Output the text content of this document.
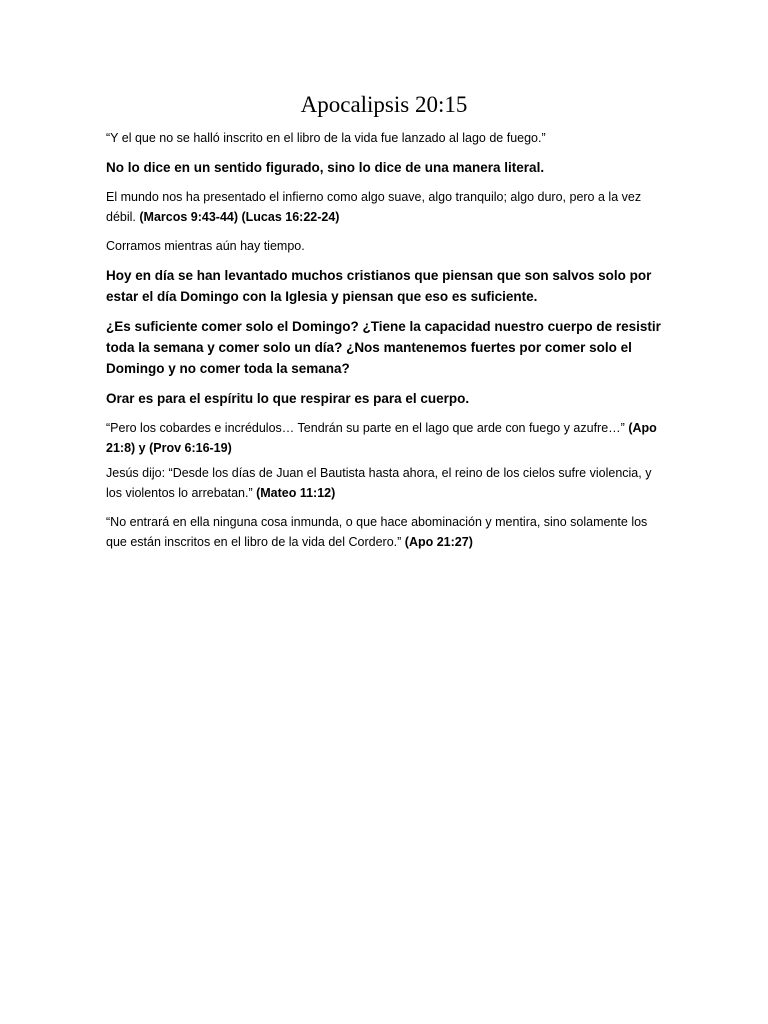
Apocalipsis 20:15

“Y el que no se halló inscrito en el libro de la vida fue lanzado al lago de fuego.”

No lo dice en un sentido figurado, sino lo dice de una manera literal.

El mundo nos ha presentado el infierno como algo suave, algo tranquilo; algo duro, pero a la vez débil. (Marcos 9:43-44) (Lucas 16:22-24)

Corramos mientras aún hay tiempo.

Hoy en día se han levantado muchos cristianos que piensan que son salvos solo por estar el día Domingo con la Iglesia y piensan que eso es suficiente.

¿Es suficiente comer solo el Domingo? ¿Tiene la capacidad nuestro cuerpo de resistir toda la semana y comer solo un día? ¿Nos mantenemos fuertes por comer solo el Domingo y no comer toda la semana?

Orar es para el espíritu lo que respirar es para el cuerpo.

“Pero los cobardes e incrédulos… Tendrán su parte en el lago que arde con fuego y azufre…” (Apo 21:8) y (Prov 6:16-19)

Jesús dijo: “Desde los días de Juan el Bautista hasta ahora, el reino de los cielos sufre violencia, y los violentos lo arrebatan.” (Mateo 11:12)

“No entrará en ella ninguna cosa inmunda, o que hace abominación y mentira, sino solamente los que están inscritos en el libro de la vida del Cordero.” (Apo 21:27)
